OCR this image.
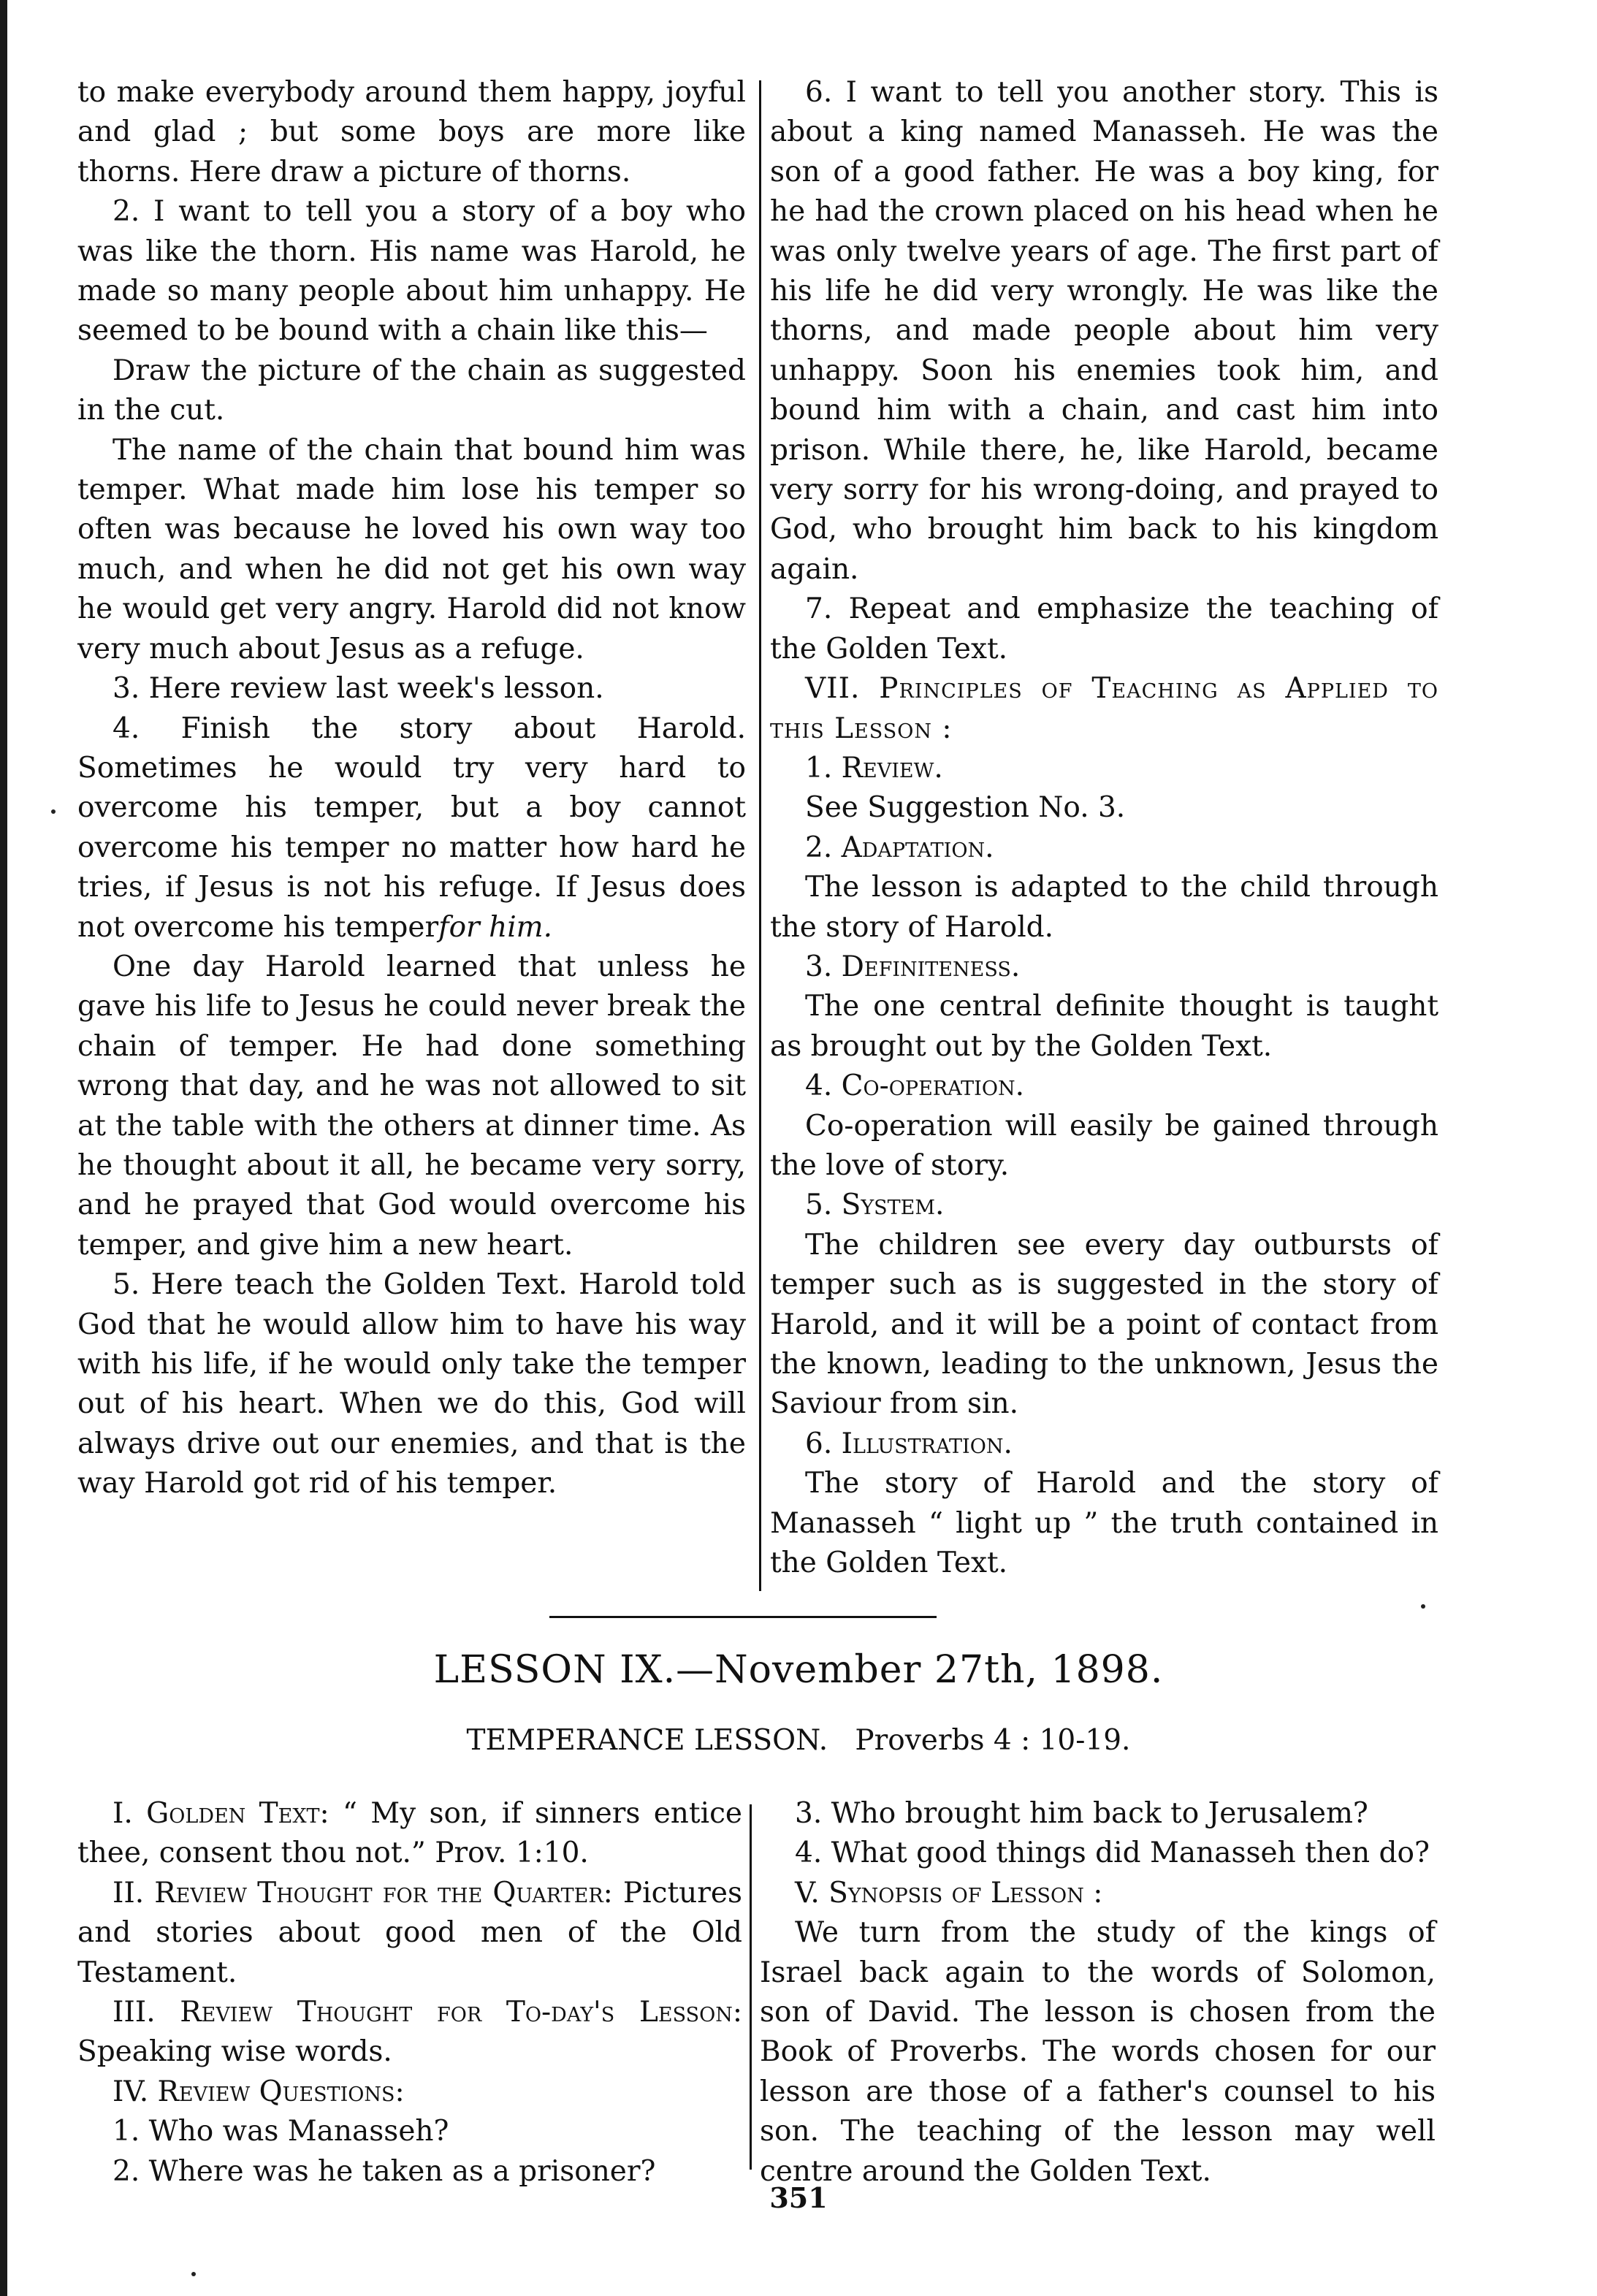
to make everybody around them happy, joyful and glad ; but some boys are more like thorns. Here draw a picture of thorns.

2. I want to tell you a story of a boy who was like the thorn. His name was Harold, he made so many people about him unhappy. He seemed to be bound with a chain like this—

Draw the picture of the chain as suggested in the cut.

The name of the chain that bound him was temper. What made him lose his temper so often was because he loved his own way too much, and when he did not get his own way he would get very angry. Harold did not know very much about Jesus as a refuge.

3. Here review last week's lesson.

4. Finish the story about Harold. Sometimes he would try very hard to overcome his temper, but a boy cannot overcome his temper no matter how hard he tries, if Jesus is not his refuge. If Jesus does not overcome his temperfor him.

One day Harold learned that unless he gave his life to Jesus he could never break the chain of temper. He had done something wrong that day, and he was not allowed to sit at the table with the others at dinner time. As he thought about it all, he became very sorry, and he prayed that God would overcome his temper, and give him a new heart.

5. Here teach the Golden Text. Harold told God that he would allow him to have his way with his life, if he would only take the temper out of his heart. When we do this, God will always drive out our enemies, and that is the way Harold got rid of his temper.

6. I want to tell you another story. This is about a king named Manasseh. He was the son of a good father. He was a boy king, for he had the crown placed on his head when he was only twelve years of age. The first part of his life he did very wrongly. He was like the thorns, and made people about him very unhappy. Soon his enemies took him, and bound him with a chain, and cast him into prison. While there, he, like Harold, became very sorry for his wrong-doing, and prayed to God, who brought him back to his kingdom again.

7. Repeat and emphasize the teaching of the Golden Text.

VII. Principles of Teaching as Applied to this Lesson :

1. Review.

See Suggestion No. 3.

2. Adaptation.

The lesson is adapted to the child through the story of Harold.

3. Definiteness.

The one central definite thought is taught as brought out by the Golden Text.

4. Co-operation.

Co-operation will easily be gained through the love of story.

5. System.

The children see every day outbursts of temper such as is suggested in the story of Harold, and it will be a point of contact from the known, leading to the unknown, Jesus the Saviour from sin.

6. Illustration.

The story of Harold and the story of Manasseh “ light up ” the truth contained in the Golden Text.

LESSON IX.—November 27th, 1898.
TEMPERANCE LESSON. Proverbs 4 : 10-19.

I. Golden Text: “ My son, if sinners entice thee, consent thou not.” Prov. 1:10.

II. Review Thought for the Quarter: Pictures and stories about good men of the Old Testament.

III. Review Thought for To-day's Lesson: Speaking wise words.

IV. Review Questions:

1. Who was Manasseh?

2. Where was he taken as a prisoner?

3. Who brought him back to Jerusalem?

4. What good things did Manasseh then do?

V. Synopsis of Lesson :

We turn from the study of the kings of Israel back again to the words of Solomon, son of David. The lesson is chosen from the Book of Proverbs. The words chosen for our lesson are those of a father's counsel to his son. The teaching of the lesson may well centre around the Golden Text.

351
